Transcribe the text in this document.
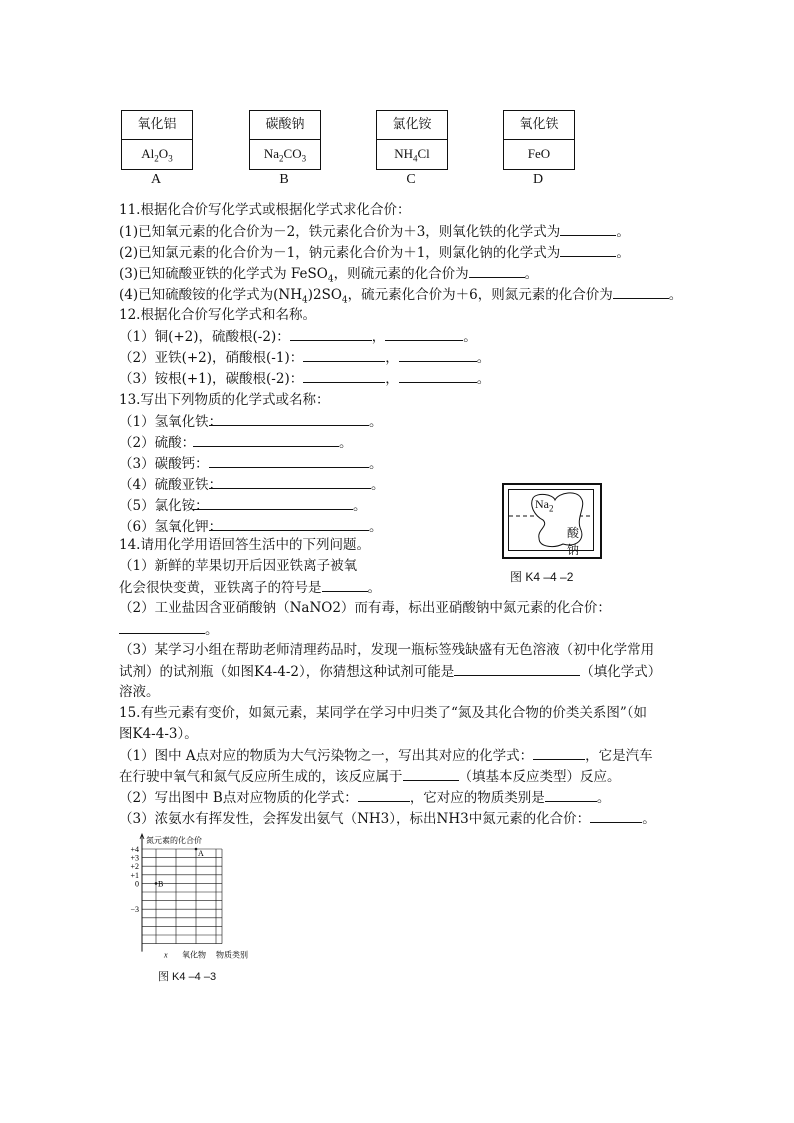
氧化铝
$Al_2O_3$
A
碳酸钠
$Na_2CO_3$
B
氯化铵
$NH_4Cl$
C
氧化铁
FeO
D
11.根据化合价写化学式或根据化学式求化合价：
(1)已知氧元素的化合价为－2，铁元素化合价为＋3，则氧化铁的化学式为	。
(2)已知氯元素的化合价为－1，钠元素化合价为＋1，则氯化钠的化学式为	。
(3)已知硫酸亚铁的化学式为 FeSO$_4$，则硫元素的化合价为	。
(4)已知硫酸铵的化学式为$(NH_4)2SO_4$，硫元素化合价为＋6，则氮元素的化合价为	。
12.根据化合价写化学式和名称。
（1）铜(+2)，硫酸根(-2)：	，	。
（2）亚铁(+2)，硝酸根(-1)：	，	。
（3）铵根(+1)，碳酸根(-2)：	，	。
13.写出下列物质的化学式或名称：
（1）氢氧化铁：	。
（2）硫酸：	。
（3）碳酸钙：	。
（4）硫酸亚铁：	。
（5）氯化铵：	。
（6）氢氧化钾：	。
14.请用化学用语回答生活中的下列问题。
（1）新鲜的苹果切开后因亚铁离子被氧
化会很快变黄，亚铁离子的符号是	。
（2）工业盐因含亚硝酸钠（NaNO2）而有毒，标出亚硝酸钠中氮元素的化合价：
。
（3）某学习小组在帮助老师清理药品时，发现一瓶标签残缺盛有无色溶液（初中化学常用
试剂）的试剂瓶（如图K4-4-2），你猜想这种试剂可能是	（填化学式）
溶液。
$Na_2$
酸 钠
图 K4 –4 –2
15.有些元素有变价，如氮元素，某同学在学习中归类了“氮及其化合物的价类关系图”（如
图K4-4-3）。
（1）图中 A点对应的物质为大气污染物之一，写出其对应的化学式：	，它是汽车
在行驶中氧气和氮气反应所生成的，该反应属于	（填基本反应类型）反应。
（2）写出图中 B点对应物质的化学式：	，它对应的物质类别是	。
（3）浓氨水有挥发性，会挥发出氨气（NH3），标出NH3中氮元素的化合价：	。
氮元素的化合价
+4
+3
+2
+1
0
−3
A
B
x 氧化物 物质类别
图 K4 –4 –3
